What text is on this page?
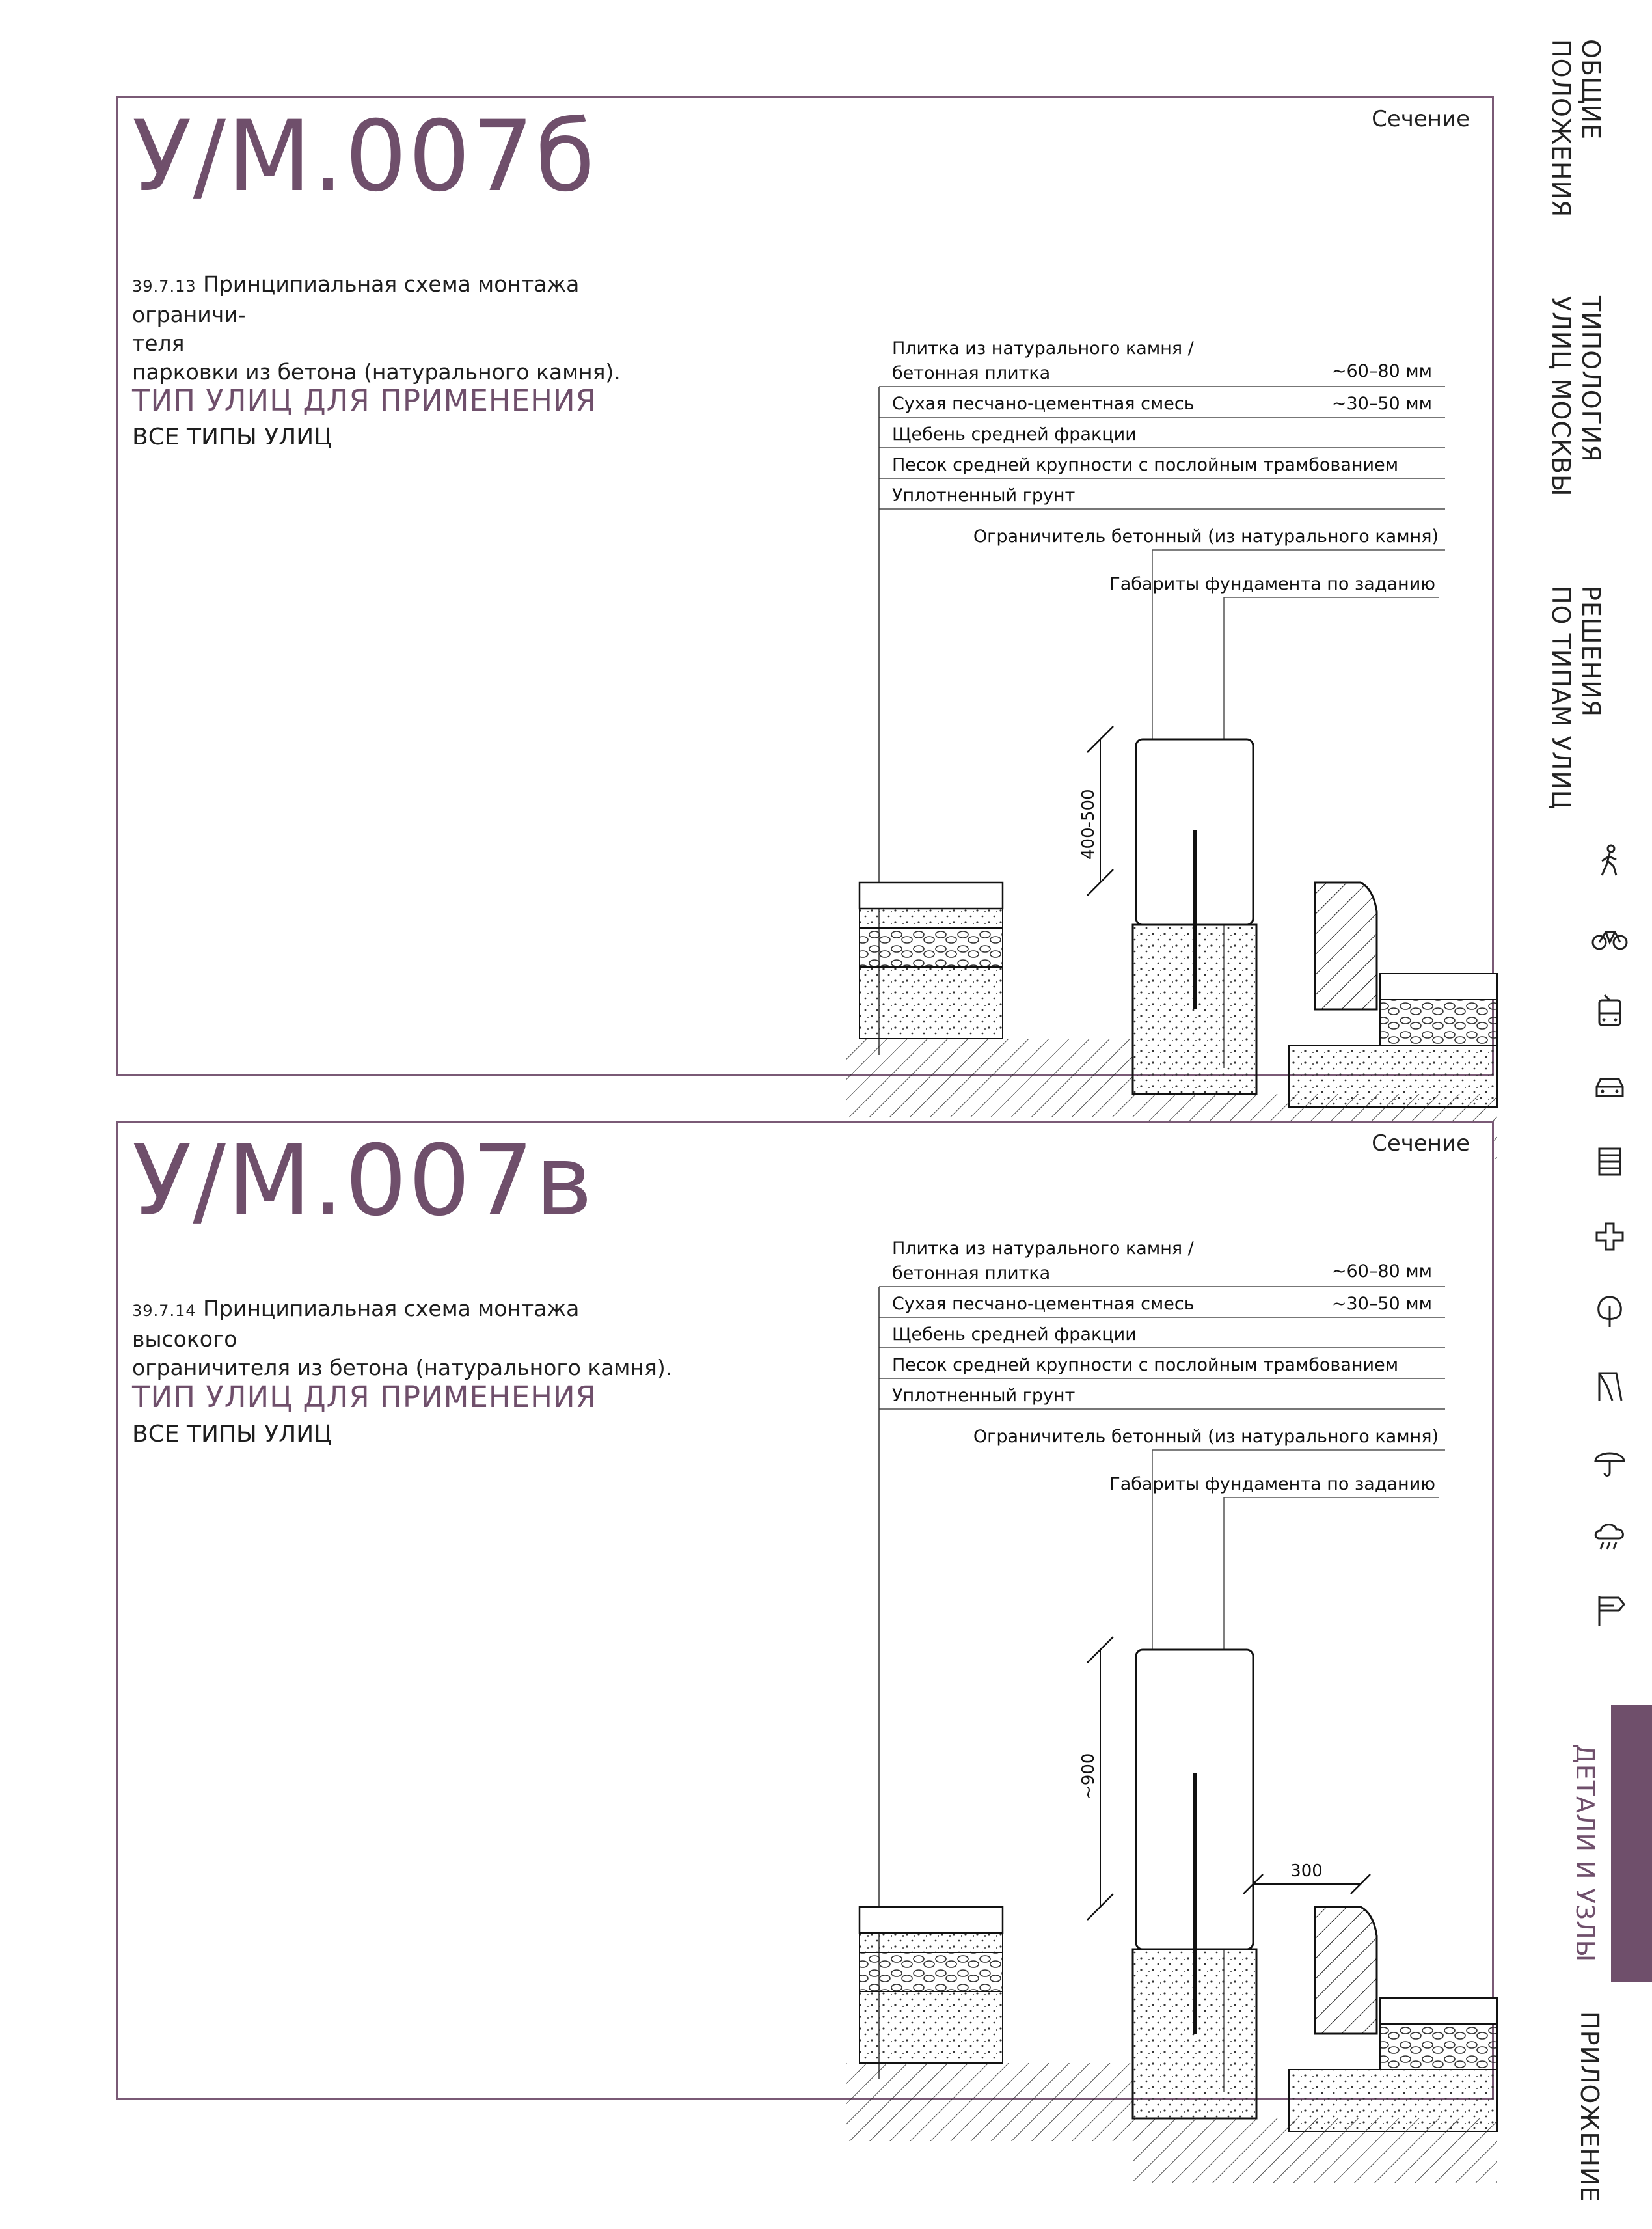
У/М.007б	Сечение
39.7.13 Принципиальная схема монтажа ограничи-
теля
парковки из бетона (натурального камня).
ТИП УЛИЦ ДЛЯ ПРИМЕНЕНИЯ
ВСЕ ТИПЫ УЛИЦ
Плитка из натурального камня /
бетонная плитка	~60–80 мм
Сухая песчано-цементная смесь	~30–50 мм
Щебень средней фракции
Песок средней крупности с послойным трамбованием
Уплотненный грунт
Ограничитель бетонный (из натурального камня)
Габариты фундамента по заданию
400-500
У/М.007в	Сечение
39.7.14 Принципиальная схема монтажа высокого
ограничителя из бетона (натурального камня).
ТИП УЛИЦ ДЛЯ ПРИМЕНЕНИЯ
ВСЕ ТИПЫ УЛИЦ
Плитка из натурального камня /
бетонная плитка	~60–80 мм
Сухая песчано-цементная смесь	~30–50 мм
Щебень средней фракции
Песок средней крупности с послойным трамбованием
Уплотненный грунт
Ограничитель бетонный (из натурального камня)
Габариты фундамента по заданию
~900
300
ОБЩИЕ
ПОЛОЖЕНИЯ
ТИПОЛОГИЯ
УЛИЦ МОСКВЫ
РЕШЕНИЯ
ПО ТИПАМ УЛИЦ
ДЕТАЛИ И УЗЛЫ
ПРИЛОЖЕНИЕ
